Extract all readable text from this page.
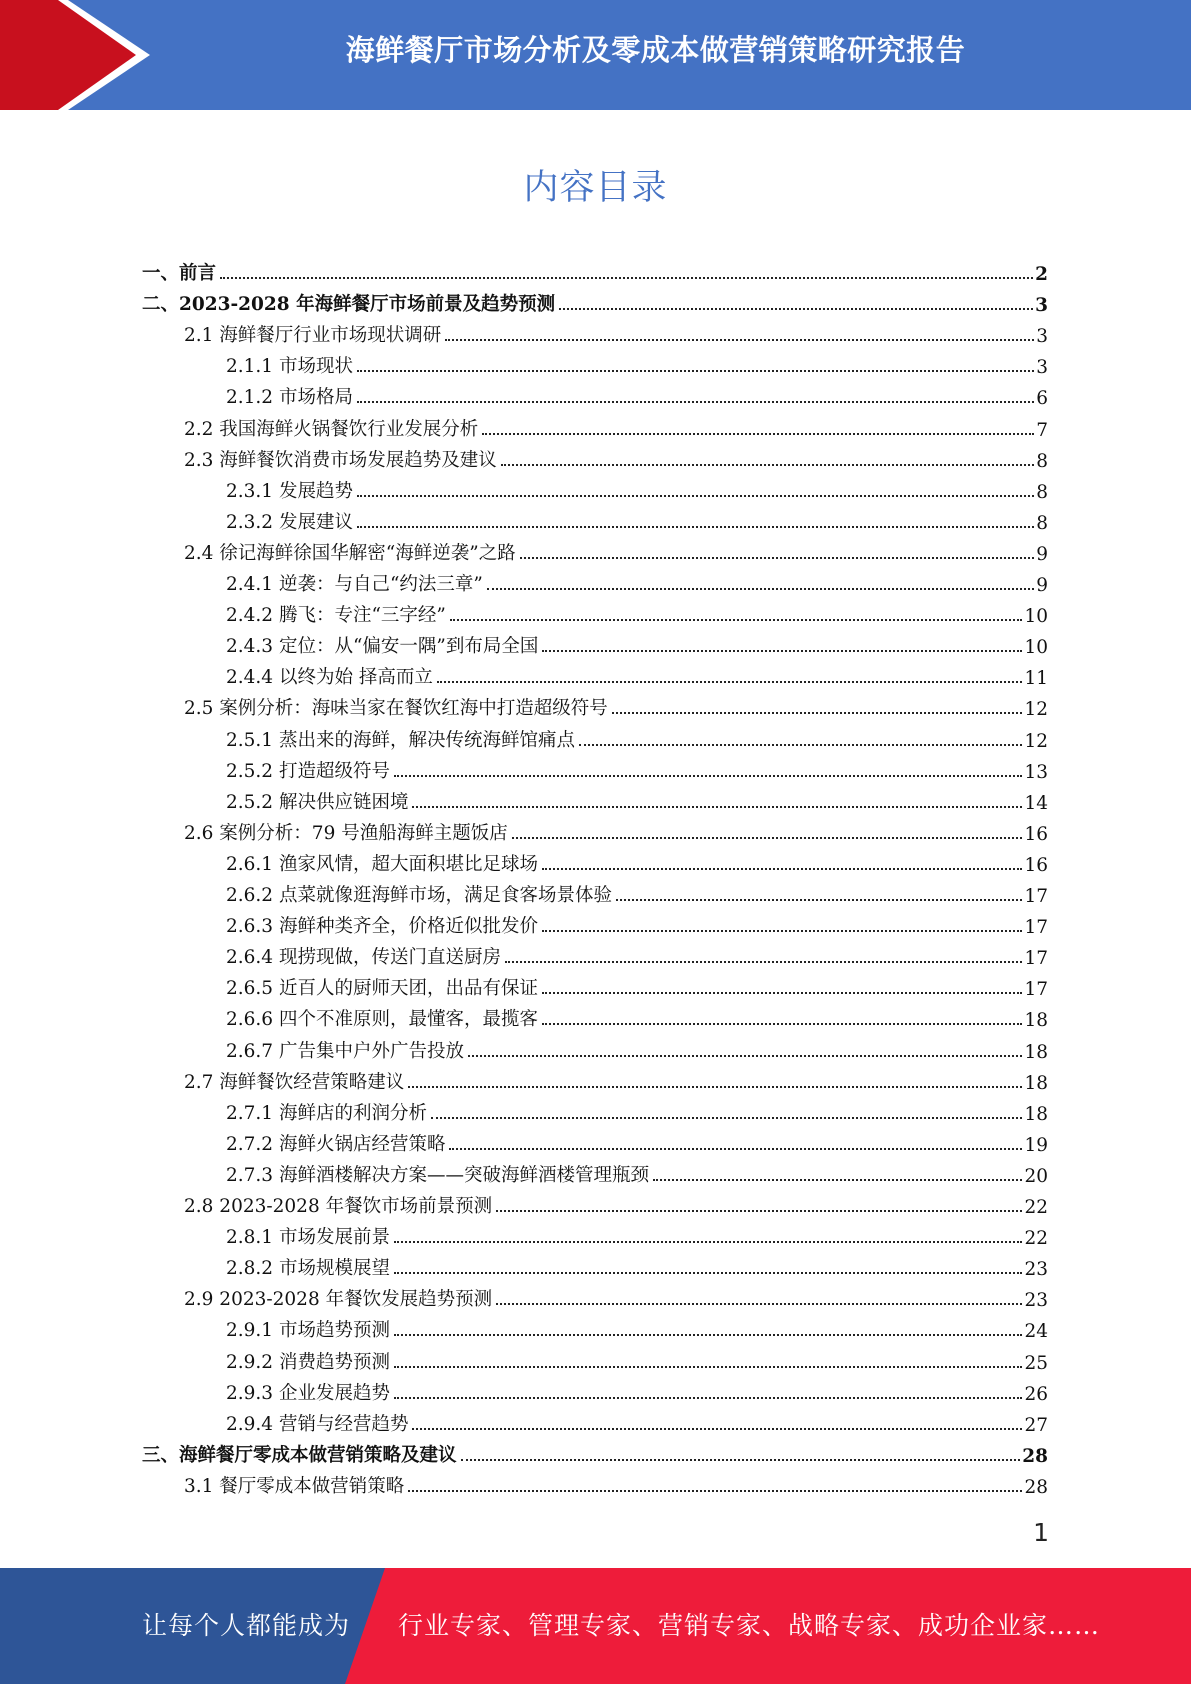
海鲜餐厅市场分析及零成本做营销策略研究报告
内容目录
一、前言	2
二、2023-2028 年海鲜餐厅市场前景及趋势预测	3
2.1 海鲜餐厅行业市场现状调研	3
2.1.1 市场现状	3
2.1.2 市场格局	6
2.2 我国海鲜火锅餐饮行业发展分析	7
2.3 海鲜餐饮消费市场发展趋势及建议	8
2.3.1 发展趋势	8
2.3.2 发展建议	8
2.4 徐记海鲜徐国华解密“海鲜逆袭”之路	9
2.4.1 逆袭：与自己“约法三章”	9
2.4.2 腾飞：专注“三字经”	10
2.4.3 定位：从“偏安一隅”到布局全国	10
2.4.4 以终为始 择高而立	11
2.5 案例分析：海味当家在餐饮红海中打造超级符号	12
2.5.1 蒸出来的海鲜，解决传统海鲜馆痛点	12
2.5.2 打造超级符号	13
2.5.2 解决供应链困境	14
2.6 案例分析：79 号渔船海鲜主题饭店	16
2.6.1 渔家风情，超大面积堪比足球场	16
2.6.2 点菜就像逛海鲜市场，满足食客场景体验	17
2.6.3 海鲜种类齐全，价格近似批发价	17
2.6.4 现捞现做，传送门直送厨房	17
2.6.5 近百人的厨师天团，出品有保证	17
2.6.6 四个不准原则，最懂客，最揽客	18
2.6.7 广告集中户外广告投放	18
2.7 海鲜餐饮经营策略建议	18
2.7.1 海鲜店的利润分析	18
2.7.2 海鲜火锅店经营策略	19
2.7.3 海鲜酒楼解决方案——突破海鲜酒楼管理瓶颈	20
2.8 2023-2028 年餐饮市场前景预测	22
2.8.1 市场发展前景	22
2.8.2 市场规模展望	23
2.9 2023-2028 年餐饮发展趋势预测	23
2.9.1 市场趋势预测	24
2.9.2 消费趋势预测	25
2.9.3 企业发展趋势	26
2.9.4 营销与经营趋势	27
三、海鲜餐厅零成本做营销策略及建议	28
3.1 餐厅零成本做营销策略	28
1
让每个人都能成为 行业专家、管理专家、营销专家、战略专家、成功企业家……
